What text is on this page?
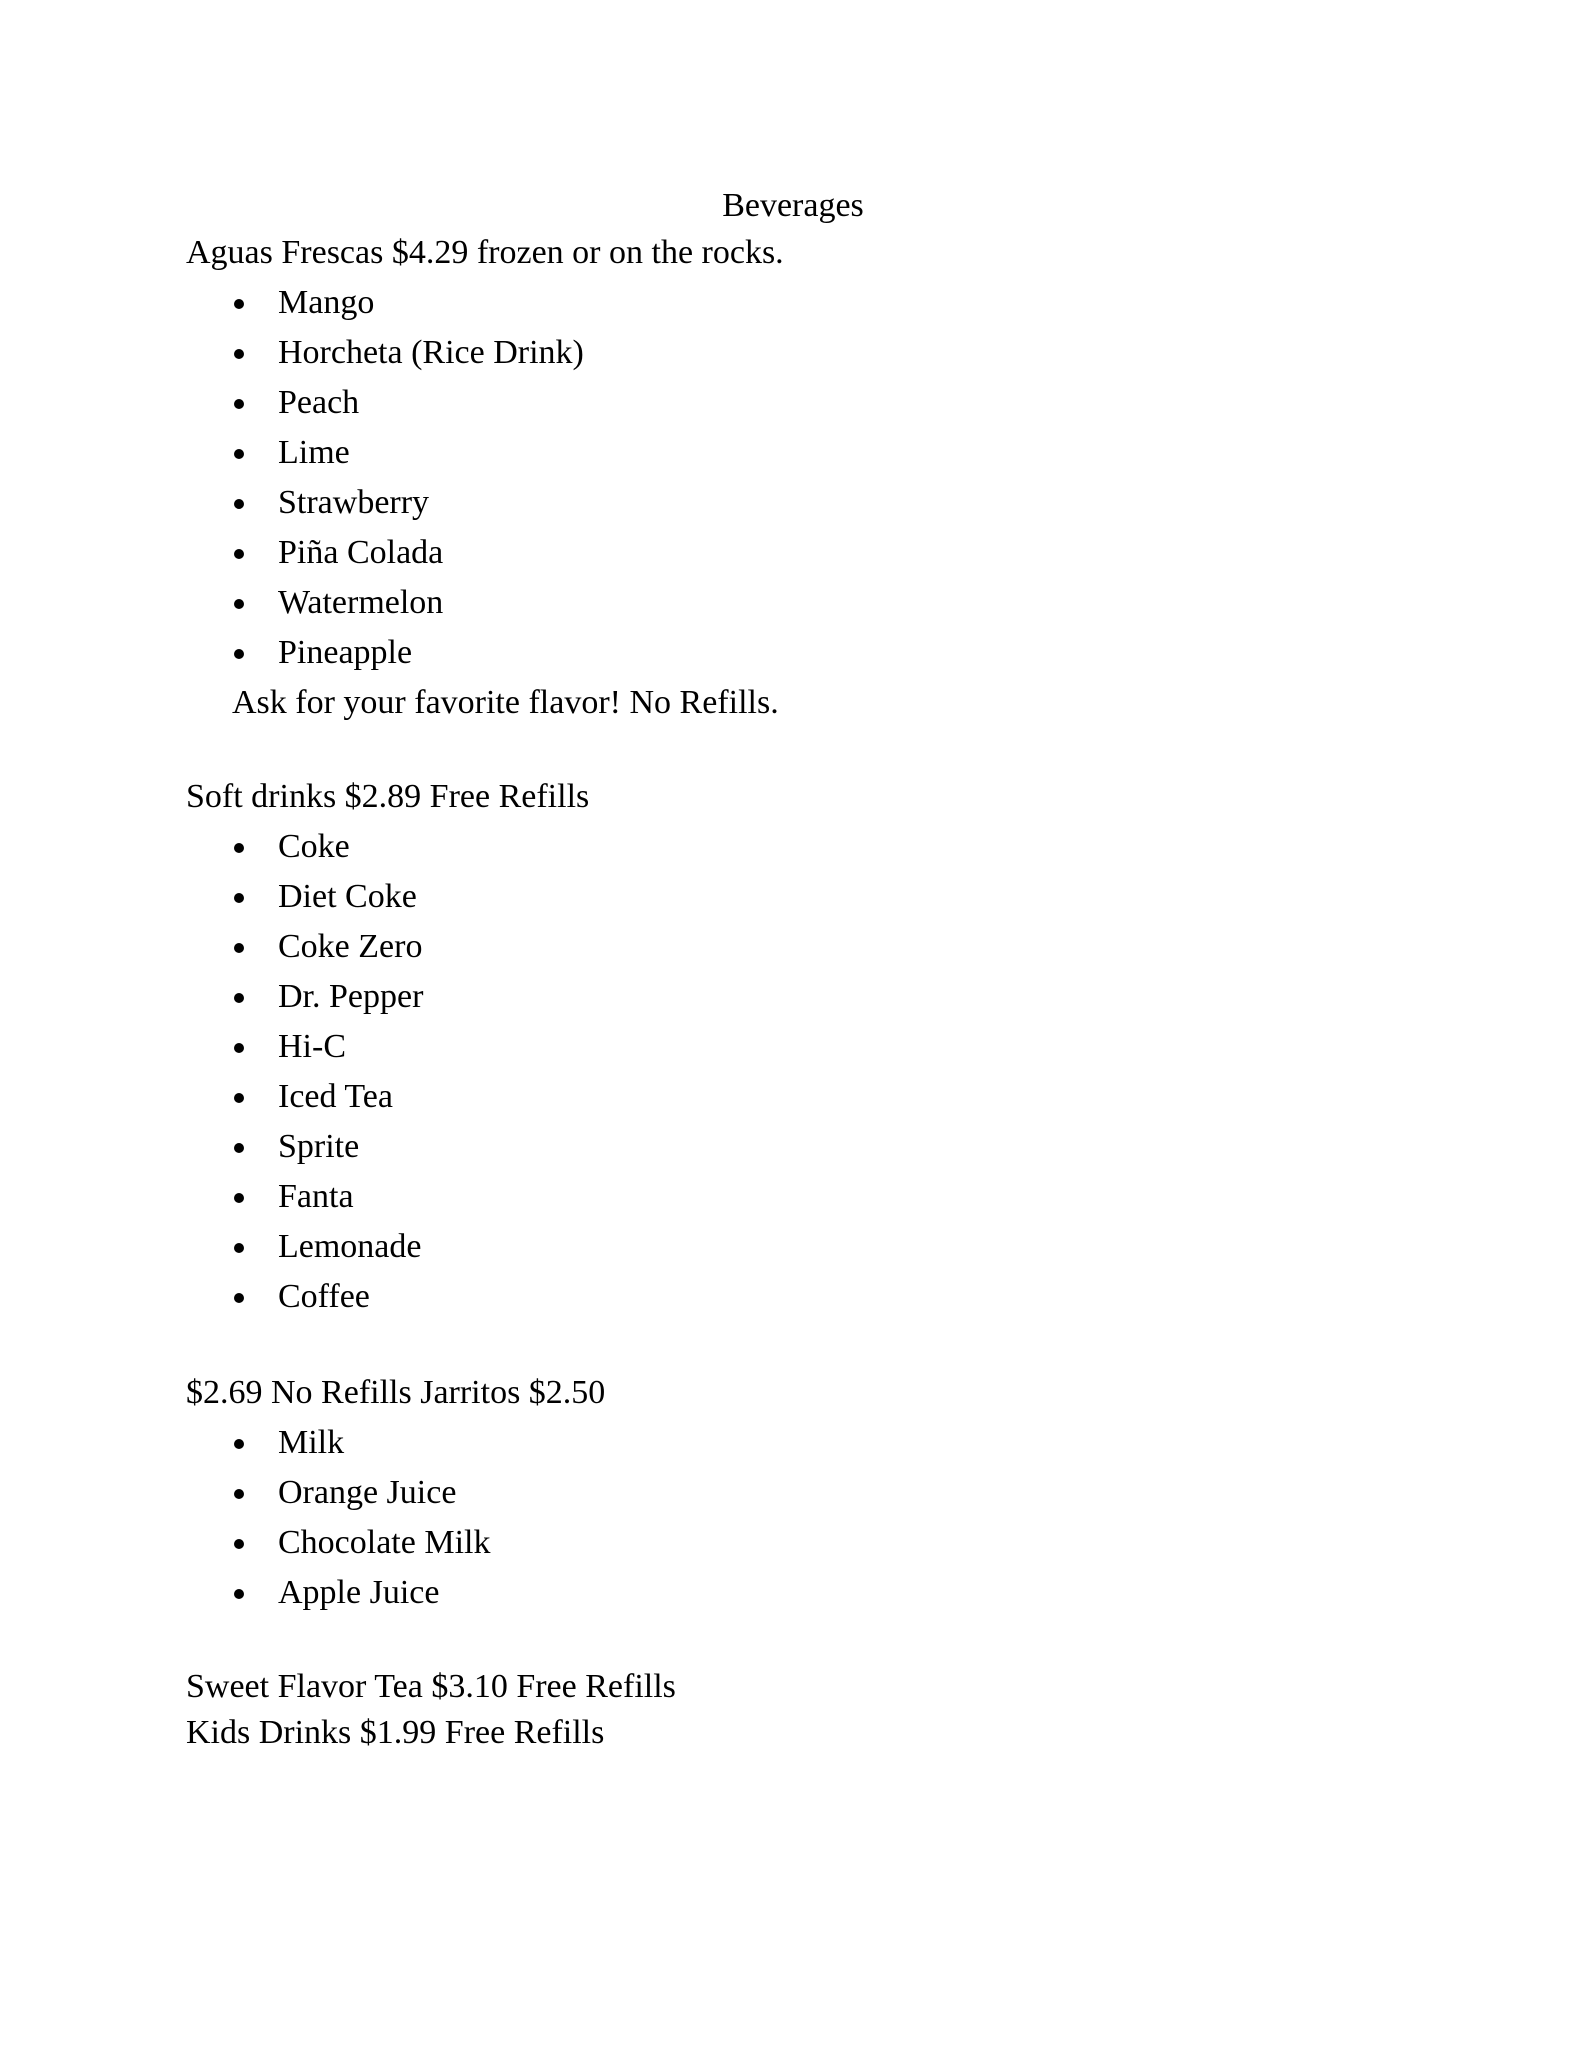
Beverages
Aguas Frescas $4.29 frozen or on the rocks.
Mango
Horcheta (Rice Drink)
Peach
Lime
Strawberry
Piña Colada
Watermelon
Pineapple
Ask for your favorite flavor! No Refills.
Soft drinks $2.89 Free Refills
Coke
Diet Coke
Coke Zero
Dr. Pepper
Hi-C
Iced Tea
Sprite
Fanta
Lemonade
Coffee
$2.69 No Refills Jarritos $2.50
Milk
Orange Juice
Chocolate Milk
Apple Juice
Sweet Flavor Tea $3.10 Free Refills
Kids Drinks $1.99 Free Refills
